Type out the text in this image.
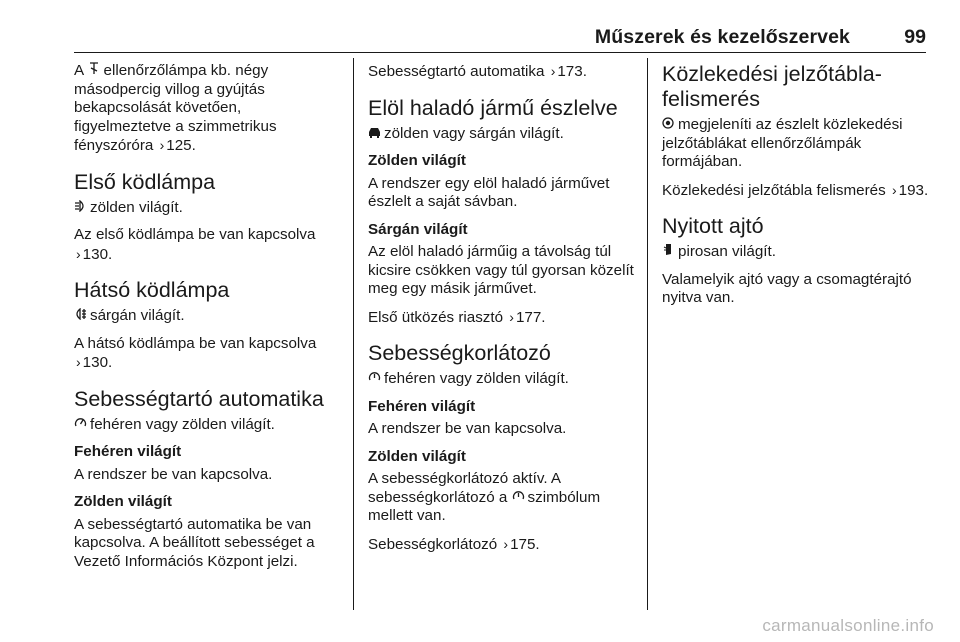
Műszerek és kezelőszervek	99

A ellenőrzőlámpa kb. négy másodpercig villog a gyújtás bekapcsolását követően, figyelmeztetve a szimmetrikus fényszóróra › 125.

Első ködlámpa

zölden világít.

Az első ködlámpa be van kapcsolva › 130.

Hátsó ködlámpa

sárgán világít.

A hátsó ködlámpa be van kapcsolva › 130.

Sebességtartó automatika

fehéren vagy zölden világít.

Fehéren világít

A rendszer be van kapcsolva.

Zölden világít

A sebességtartó automatika be van kapcsolva. A beállított sebességet a Vezető Információs Központ jelzi.

Sebességtartó automatika › 173.

Elöl haladó jármű észlelve

zölden vagy sárgán világít.

Zölden világít

A rendszer egy elöl haladó járművet észlelt a saját sávban.

Sárgán világít

Az elöl haladó járműig a távolság túl kicsire csökken vagy túl gyorsan közelít meg egy másik járművet.

Első ütközés riasztó › 177.

Sebességkorlátozó

fehéren vagy zölden világít.

Fehéren világít

A rendszer be van kapcsolva.

Zölden világít

A sebességkorlátozó aktív. A sebességkorlátozó a szimbólum mellett van.

Sebességkorlátozó › 175.

Közlekedési jelzőtábla-felismerés

megjeleníti az észlelt közlekedési jelzőtáblákat ellenőrzőlámpák formájában.

Közlekedési jelzőtábla felismerés › 193.

Nyitott ajtó

pirosan világít.

Valamelyik ajtó vagy a csomagtérajtó nyitva van.

carmanualsonline.info
